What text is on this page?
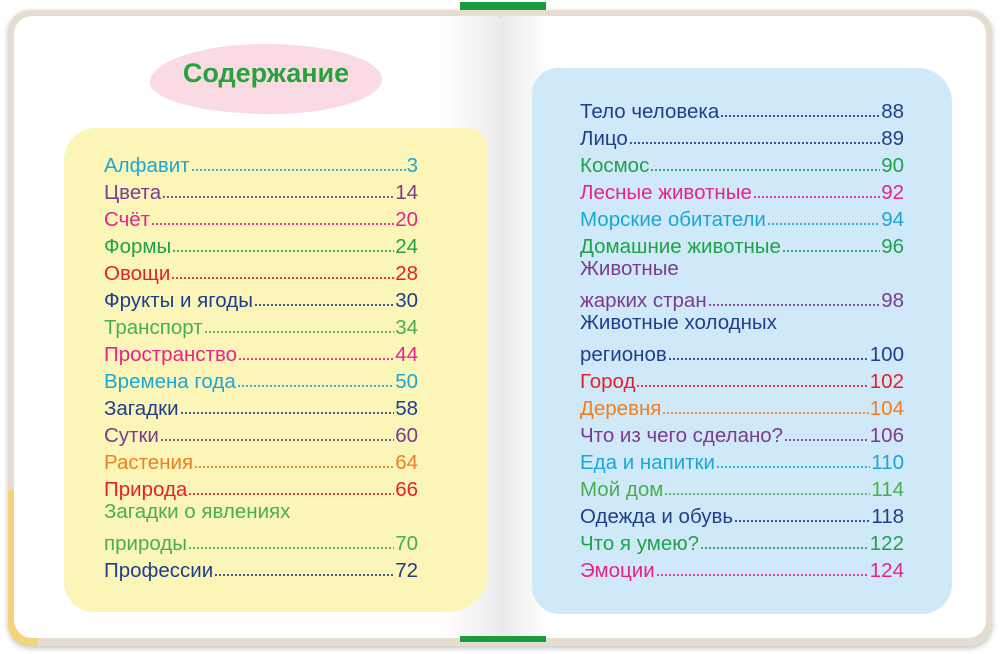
Содержание
Алфавит	3
Цвета	14
Счёт	20
Формы	24
Овощи	28
Фрукты и ягоды	30
Транспорт	34
Пространство	44
Времена года	50
Загадки	58
Сутки	60
Растения	64
Природа	66
Загадки о явлениях
природы	70
Профессии	72
Тело человека	88
Лицо	89
Космос	90
Лесные животные	92
Морские обитатели	94
Домашние животные	96
Животные
жарких стран	98
Животные холодных
регионов	100
Город	102
Деревня	104
Что из чего сделано?	106
Еда и напитки	110
Мой дом	114
Одежда и обувь	118
Что я умею?	122
Эмоции	124
